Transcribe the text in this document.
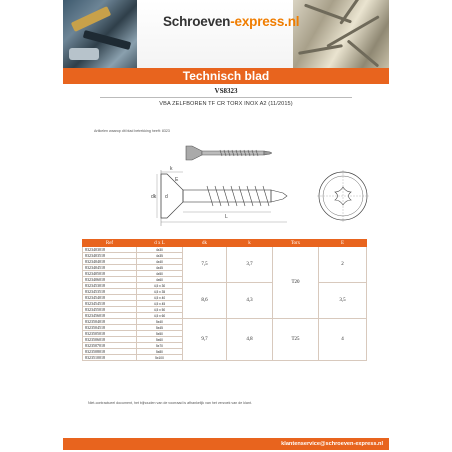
Schroeven-express.nl
Technisch blad
VS8323
VBA ZELFBOREN TF CR TORX INOX A2 (11/2015)
Artikelen waarop dit blad betrekking heeft: 8323
k
dk d
L
E
Ref	d x L	dk	k	Torx	E
8323403018	4x30	7,5	3,7	T20	2
8323403518	4x35				
8323404018	4x40				
8323404518	4x45				
8323405018	4x50				
8323406018	4x60				
8323453018	4,5 x 30	8,6	4,3		3,5
8323453518	4,5 x 35				
8323454018	4,5 x 40				
8323454518	4,5 x 45				
8323455018	4,5 x 50				
8323456018	4,5 x 60				
8323504018	5x40	9,7	4,8	T25	4
8323504518	5x45				
8323505018	5x50				
8323506018	5x60				
8323507018	5x70				
8323508018	5x80				
8323510018	5x100				
Niet-contractueel document, het bijhouden van de voorraad is afhankelijk van het verzoek van de klant.
klantenservice@schroeven-express.nl
